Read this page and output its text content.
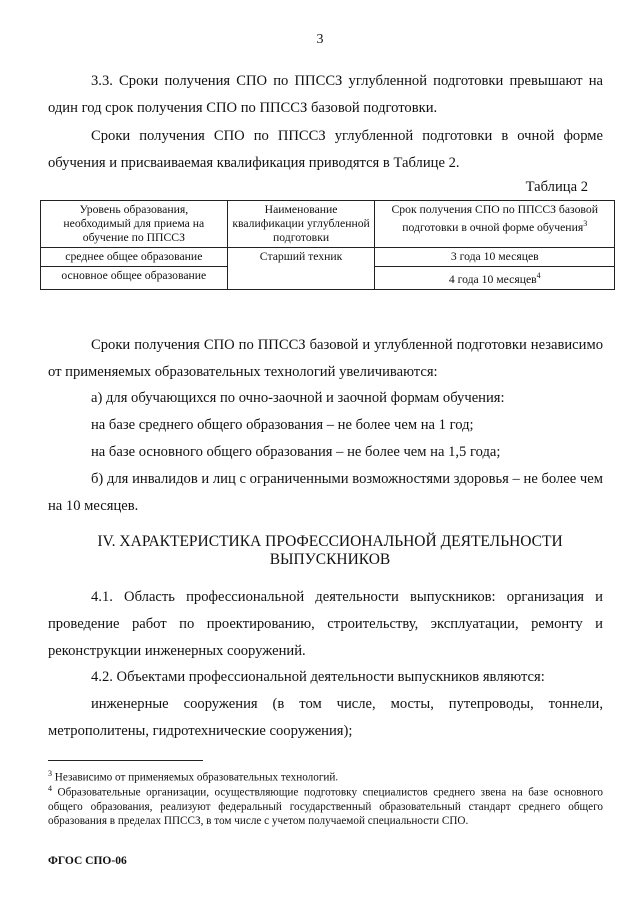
3
3.3. Сроки получения СПО по ППССЗ углубленной подготовки превышают на один год срок получения СПО по ППССЗ базовой подготовки.
Сроки получения СПО по ППССЗ углубленной подготовки в очной форме обучения и присваиваемая квалификация приводятся в Таблице 2.
Таблица 2
Уровень образования, необходимый для приема на обучение по ППССЗ	Наименование квалификации углубленной подготовки	Срок получения СПО по ППССЗ базовой подготовки в очной форме обучения$^3$
среднее общее образование	Старший техник	3 года 10 месяцев
основное общее образование		4 года 10 месяцев$^4$
Сроки получения СПО по ППССЗ базовой и углубленной подготовки независимо от применяемых образовательных технологий увеличиваются:
а) для обучающихся по очно-заочной и заочной формам обучения:
на базе среднего общего образования – не более чем на 1 год;
на базе основного общего образования – не более чем на 1,5 года;
б) для инвалидов и лиц с ограниченными возможностями здоровья – не более чем на 10 месяцев.
IV. ХАРАКТЕРИСТИКА ПРОФЕССИОНАЛЬНОЙ ДЕЯТЕЛЬНОСТИ ВЫПУСКНИКОВ
4.1. Область профессиональной деятельности выпускников: организация и проведение работ по проектированию, строительству, эксплуатации, ремонту и реконструкции инженерных сооружений.
4.2. Объектами профессиональной деятельности выпускников являются:
инженерные сооружения (в том числе, мосты, путепроводы, тоннели, метрополитены, гидротехнические сооружения);
$^3$ Независимо от применяемых образовательных технологий.
$^4$ Образовательные организации, осуществляющие подготовку специалистов среднего звена на базе основного общего образования, реализуют федеральный государственный образовательный стандарт среднего общего образования в пределах ППССЗ, в том числе с учетом получаемой специальности СПО.
ФГОС СПО-06
